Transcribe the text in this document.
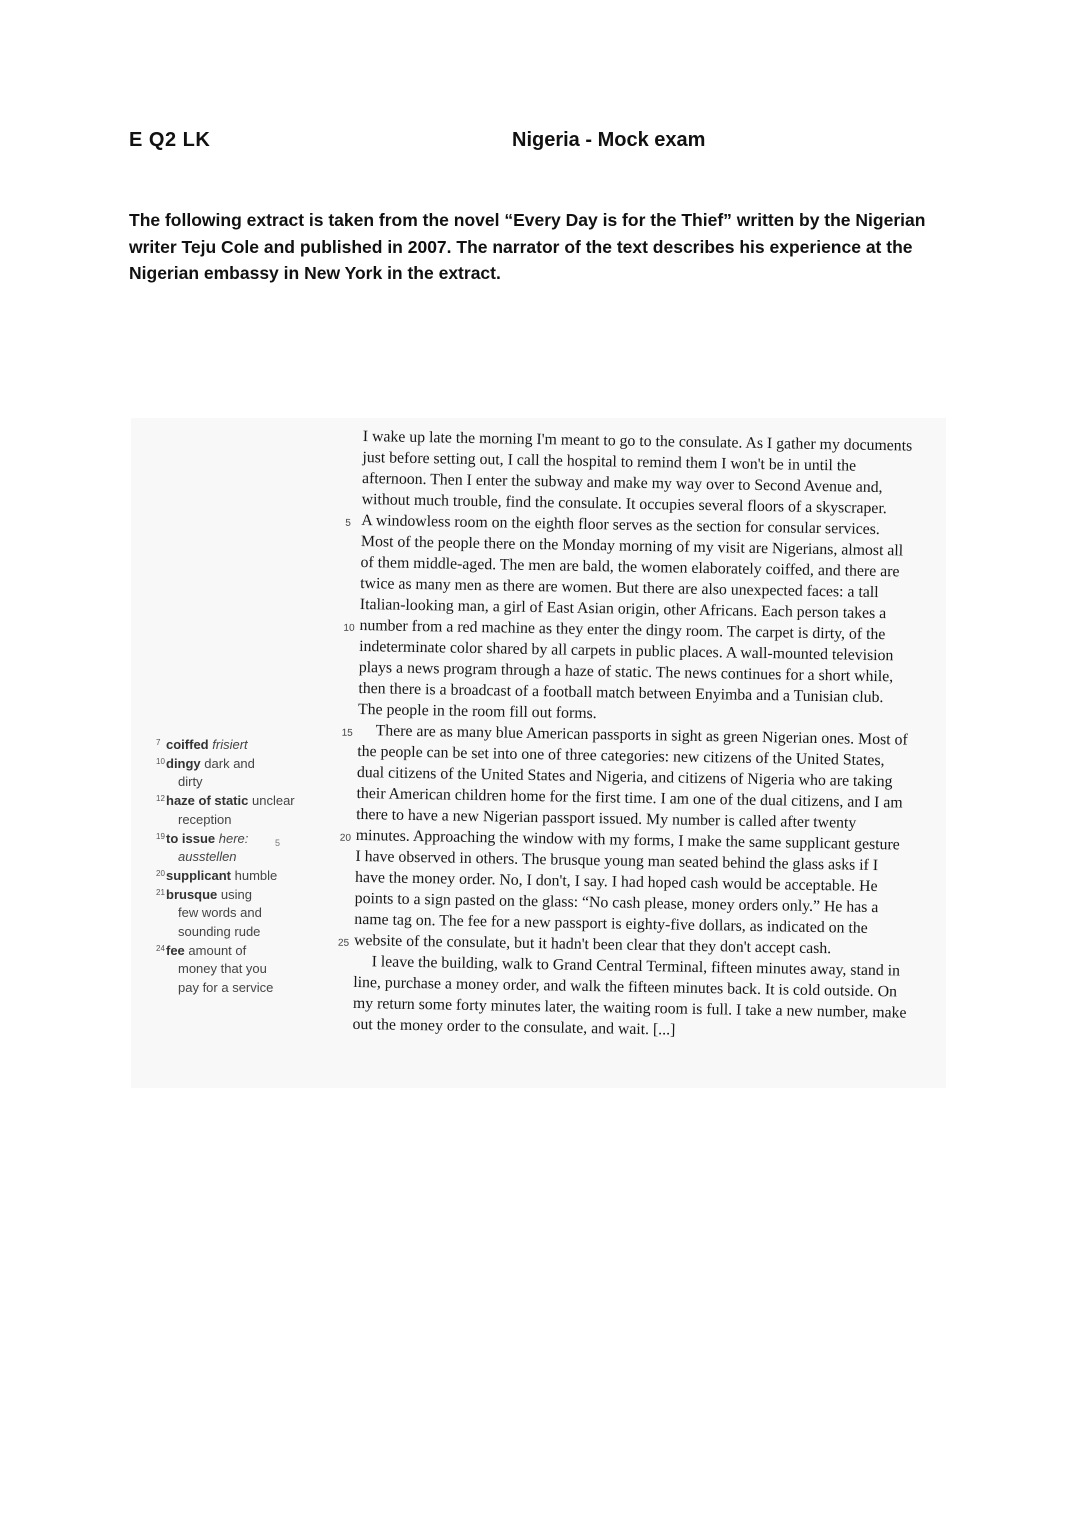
E Q2 LK	Nigeria - Mock exam
The following extract is taken from the novel “Every Day is for the Thief” written by the Nigerian writer Teju Cole and published in 2007. The narrator of the text describes his experience at the Nigerian embassy in New York in the extract.
7 coiffed frisiert
10 dingy dark and
dirty
12 haze of static unclear
reception
19 to issue here:
ausstellen
20 supplicant humble
21 brusque using
few words and
sounding rude
24 fee amount of
money that you
pay for a service
5
I wake up late the morning I'm meant to go to the consulate. As I gather my documents
just before setting out, I call the hospital to remind them I won't be in until the
afternoon. Then I enter the subway and make my way over to Second Avenue and,
without much trouble, find the consulate. It occupies several floors of a skyscraper.
5 A windowless room on the eighth floor serves as the section for consular services.
Most of the people there on the Monday morning of my visit are Nigerians, almost all
of them middle-aged. The men are bald, the women elaborately coiffed, and there are
twice as many men as there are women. But there are also unexpected faces: a tall
Italian-looking man, a girl of East Asian origin, other Africans. Each person takes a
10 number from a red machine as they enter the dingy room. The carpet is dirty, of the
indeterminate color shared by all carpets in public places. A wall-mounted television
plays a news program through a haze of static. The news continues for a short while,
then there is a broadcast of a football match between Enyimba and a Tunisian club.
The people in the room fill out forms.
15 There are as many blue American passports in sight as green Nigerian ones. Most of
the people can be set into one of three categories: new citizens of the United States,
dual citizens of the United States and Nigeria, and citizens of Nigeria who are taking
their American children home for the first time. I am one of the dual citizens, and I am
there to have a new Nigerian passport issued. My number is called after twenty
20 minutes. Approaching the window with my forms, I make the same supplicant gesture
I have observed in others. The brusque young man seated behind the glass asks if I
have the money order. No, I don't, I say. I had hoped cash would be acceptable. He
points to a sign pasted on the glass: “No cash please, money orders only.” He has a
name tag on. The fee for a new passport is eighty-five dollars, as indicated on the
25 website of the consulate, but it hadn't been clear that they don't accept cash.
I leave the building, walk to Grand Central Terminal, fifteen minutes away, stand in
line, purchase a money order, and walk the fifteen minutes back. It is cold outside. On
my return some forty minutes later, the waiting room is full. I take a new number, make
out the money order to the consulate, and wait. [...]
